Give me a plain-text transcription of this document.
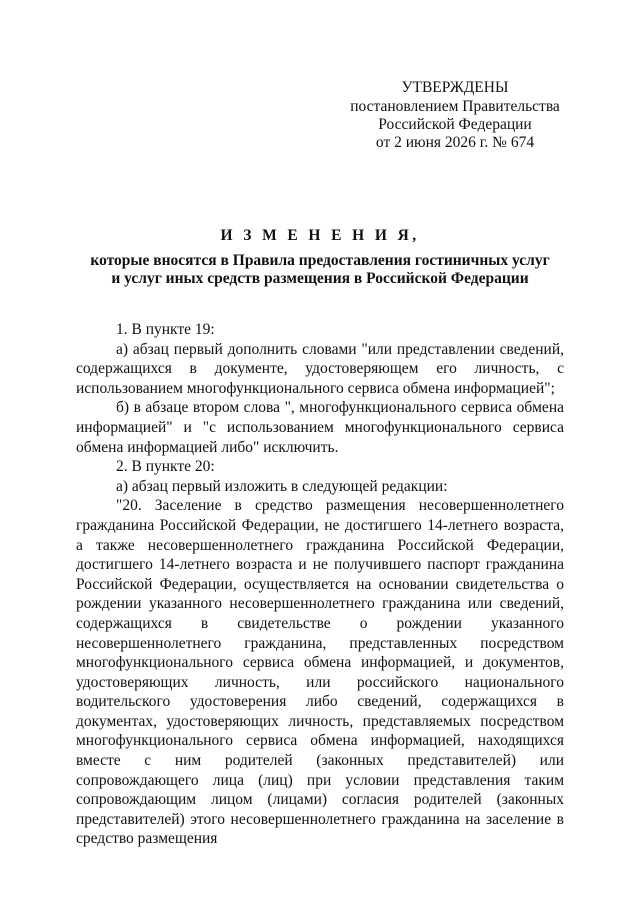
УТВЕРЖДЕНЫ
постановлением Правительства
Российской Федерации
от 2 июня 2026 г. № 674
И З М Е Н Е Н И Я,
которые вносятся в Правила предоставления гостиничных услуг
и услуг иных средств размещения в Российской Федерации

1. В пункте 19:

а) абзац первый дополнить словами "или представлении сведений, содержащихся в документе, удостоверяющем его личность, с использованием многофункционального сервиса обмена информацией";

б) в абзаце втором слова ", многофункционального сервиса обмена информацией" и "с использованием многофункционального сервиса обмена информацией либо" исключить.

2. В пункте 20:

а) абзац первый изложить в следующей редакции:

"20. Заселение в средство размещения несовершеннолетнего гражданина Российской Федерации, не достигшего 14-летнего возраста, а также несовершеннолетнего гражданина Российской Федерации, достигшего 14-летнего возраста и не получившего паспорт гражданина Российской Федерации, осуществляется на основании свидетельства о рождении указанного несовершеннолетнего гражданина или сведений, содержащихся в свидетельстве о рождении указанного несовершеннолетнего гражданина, представленных посредством многофункционального сервиса обмена информацией, и документов, удостоверяющих личность, или российского национального водительского удостоверения либо сведений, содержащихся в документах, удостоверяющих личность, представляемых посредством многофункционального сервиса обмена информацией, находящихся вместе с ним родителей (законных представителей) или сопровождающего лица (лиц) при условии представления таким сопровождающим лицом (лицами) согласия родителей (законных представителей) этого несовершеннолетнего гражданина на заселение в средство размещения
